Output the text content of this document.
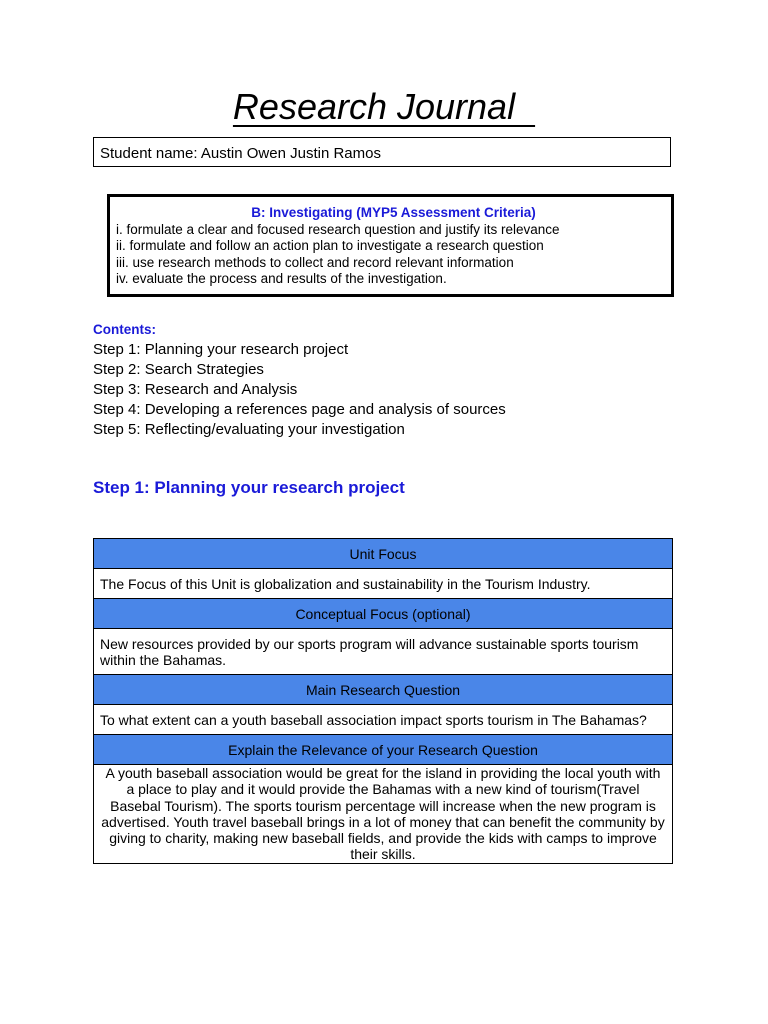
Research Journal
Student name: Austin Owen Justin Ramos
B: Investigating (MYP5 Assessment Criteria)
i. formulate a clear and focused research question and justify its relevance
ii. formulate and follow an action plan to investigate a research question
iii. use research methods to collect and record relevant information
iv. evaluate the process and results of the investigation.
Contents:
Step 1: Planning your research project
Step 2: Search Strategies
Step 3: Research and Analysis
Step 4: Developing a references page and analysis of sources
Step 5: Reflecting/evaluating your investigation
Step 1: Planning your research project
Unit Focus
The Focus of this Unit is globalization and sustainability in the Tourism Industry.
Conceptual Focus (optional)
New resources provided by our sports program will advance sustainable sports tourism within the Bahamas.
Main Research Question
To what extent can a youth baseball association impact sports tourism in The Bahamas?
Explain the Relevance of your Research Question
A youth baseball association would be great for the island in providing the local youth with a place to play and it would provide the Bahamas with a new kind of tourism(Travel Basebal Tourism). The sports tourism percentage will increase when the new program is advertised. Youth travel baseball brings in a lot of money that can benefit the community by giving to charity, making new baseball fields, and provide the kids with camps to improve their skills.
